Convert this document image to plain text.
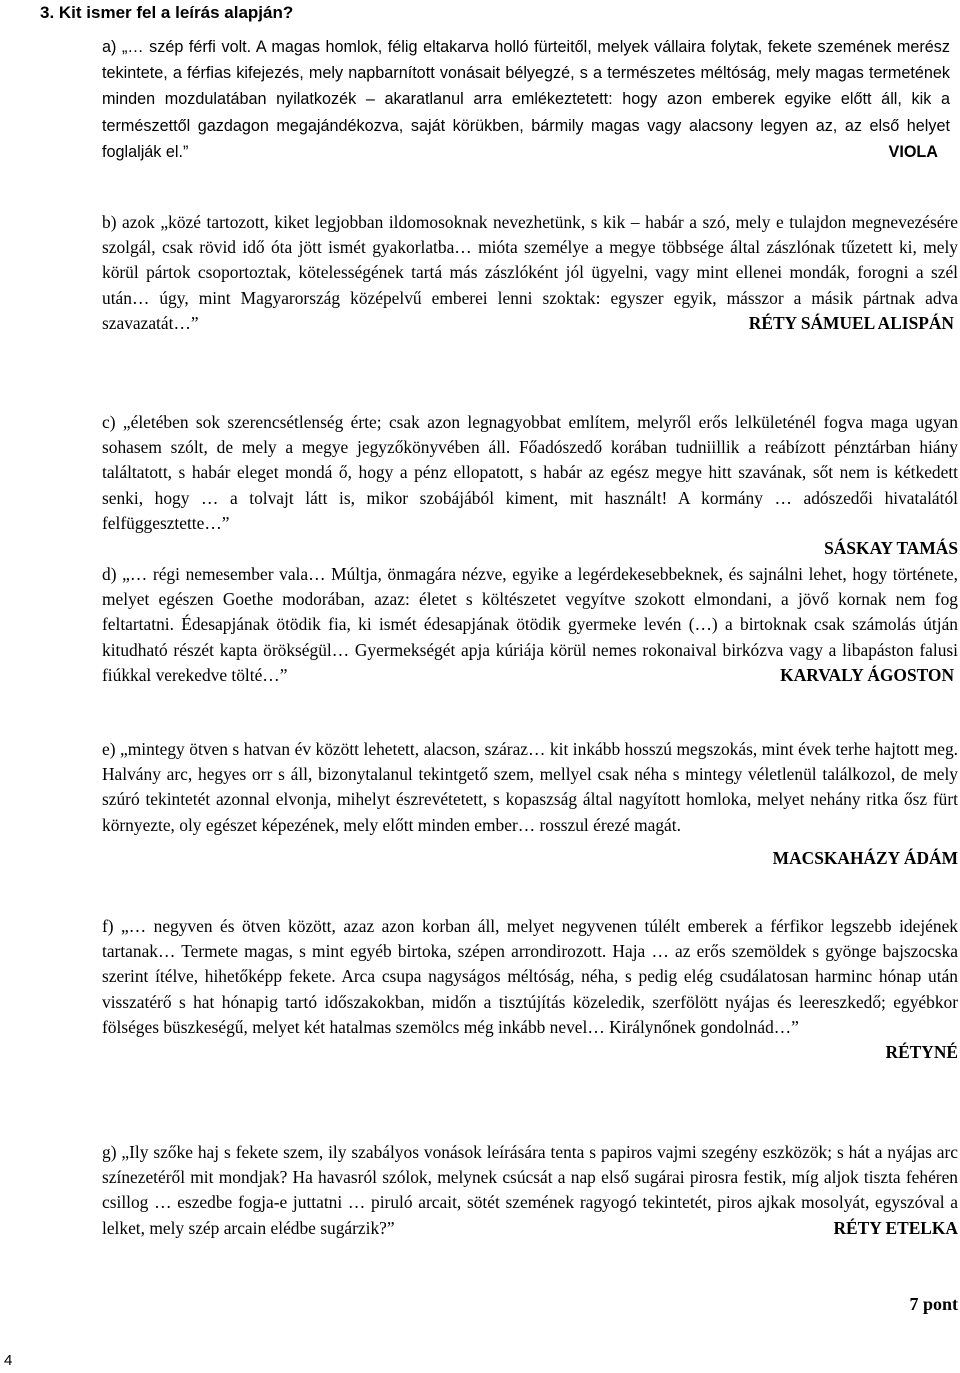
3. Kit ismer fel a leírás alapján?

a) „… szép férfi volt. A magas homlok, félig eltakarva holló fürteitől, melyek vállaira folytak, fekete szemének merész tekintete, a férfias kifejezés, mely napbarnított vonásait bélyegzé, s a természetes méltóság, mely magas termetének minden mozdulatában nyilatkozék – akaratlanul arra emlékeztetett: hogy azon emberek egyike előtt áll, kik a természettől gazdagon megajándékozva, saját körükben, bármily magas vagy alacsony legyen az, az első helyet foglalják el.”	VIOLA

b) azok „közé tartozott, kiket legjobban ildomosoknak nevezhetünk, s kik – habár a szó, mely e tulajdon megnevezésére szolgál, csak rövid idő óta jött ismét gyakorlatba… mióta személye a megye többsége által zászlónak tűzetett ki, mely körül pártok csoportoztak, kötelességének tartá más zászlóként jól ügyelni, vagy mint ellenei mondák, forogni a szél után… úgy, mint Magyarország középelvű emberei lenni szoktak: egyszer egyik, másszor a másik pártnak adva szavazatát…”	RÉTY SÁMUEL ALISPÁN

c) „életében sok szerencsétlenség érte; csak azon legnagyobbat említem, melyről erős lelkületénél fogva maga ugyan sohasem szólt, de mely a megye jegyzőkönyvében áll. Főadószedő korában tudniillik a reábízott pénztárban hiány találtatott, s habár eleget mondá ő, hogy a pénz ellopatott, s habár az egész megye hitt szavának, sőt nem is kétkedett senki, hogy … a tolvajt látt is, mikor szobájából kiment, mit használt! A kormány … adószedői hivatalától felfüggesztette…”
SÁSKAY TAMÁS

d) „… régi nemesember vala… Múltja, önmagára nézve, egyike a legérdekesebbeknek, és sajnálni lehet, hogy története, melyet egészen Goethe modorában, azaz: életet s költészetet vegyítve szokott elmondani, a jövő kornak nem fog feltartatni. Édesapjának ötödik fia, ki ismét édesapjának ötödik gyermeke levén (…) a birtoknak csak számolás útján kitudható részét kapta örökségül… Gyermekségét apja kúriája körül nemes rokonaival birkózva vagy a libapáston falusi fiúkkal verekedve tölté…”	KARVALY ÁGOSTON

e) „mintegy ötven s hatvan év között lehetett, alacson, száraz… kit inkább hosszú megszokás, mint évek terhe hajtott meg. Halvány arc, hegyes orr s áll, bizonytalanul tekintgető szem, mellyel csak néha s mintegy véletlenül találkozol, de mely szúró tekintetét azonnal elvonja, mihelyt észrevétetett, s kopaszság által nagyított homloka, melyet nehány ritka ősz fürt környezte, oly egészet képezének, mely előtt minden ember… rosszul érezé magát.
MACSKAHÁZY ÁDÁM

f) „… negyven és ötven között, azaz azon korban áll, melyet negyvenen túlélt emberek a férfikor legszebb idejének tartanak… Termete magas, s mint egyéb birtoka, szépen arrondirozott. Haja … az erős szemöldek s gyönge bajszocska szerint ítélve, hihetőképp fekete. Arca csupa nagyságos méltóság, néha, s pedig elég csudálatosan harminc hónap után visszatérő s hat hónapig tartó időszakokban, midőn a tisztújítás közeledik, szerfölött nyájas és leereszkedő; egyébkor fölséges büszkeségű, melyet két hatalmas szemölcs még inkább nevel… Királynőnek gondolnád…”
RÉTYNÉ

g) „Ily szőke haj s fekete szem, ily szabályos vonások leírására tenta s papiros vajmi szegény eszközök; s hát a nyájas arc színezetéről mit mondjak? Ha havasról szólok, melynek csúcsát a nap első sugárai pirosra festik, míg aljok tiszta fehéren csillog … eszedbe fogja-e juttatni … piruló arcait, sötét szemének ragyogó tekintetét, piros ajkak mosolyát, egyszóval a lelket, mely szép arcain elédbe sugárzik?”	RÉTY ETELKA

7 pont

4
